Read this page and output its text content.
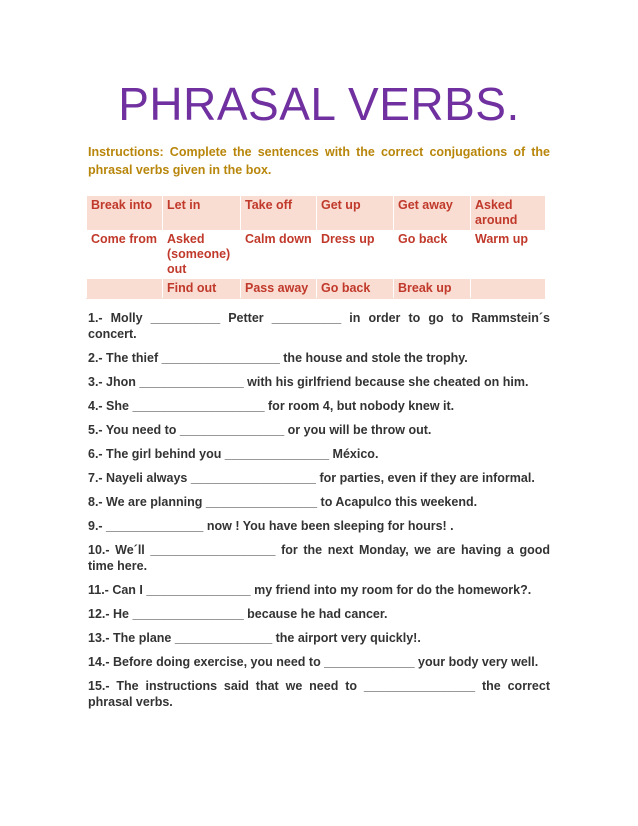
PHRASAL VERBS.
Instructions: Complete the sentences with the correct conjugations of the phrasal verbs given in the box.
Break into	Let in	Take off	Get up	Get away	Asked around
Come from	Asked (someone) out	Calm down	Dress up	Go back	Warm up
	Find out	Pass away	Go back	Break up	
1.- Molly __________ Petter __________ in order to go to Rammstein´s concert.
2.- The thief _________________ the house and stole the trophy.
3.- Jhon _______________ with his girlfriend because she cheated on him.
4.- She ___________________ for room 4, but nobody knew it.
5.- You need to _______________ or you will be throw out.
6.- The girl behind you _______________ México.
7.- Nayeli always __________________ for parties, even if they are informal.
8.- We are planning ________________ to Acapulco this weekend.
9.- ______________ now ! You have been sleeping for hours! .
10.- We´ll __________________ for the next Monday, we are having a good time here.
11.- Can I _______________ my friend into my room for do the homework?.
12.- He ________________ because he had cancer.
13.- The plane ______________ the airport very quickly!.
14.- Before doing exercise, you need to _____________ your body very well.
15.- The instructions said that we need to ________________ the correct phrasal verbs.
